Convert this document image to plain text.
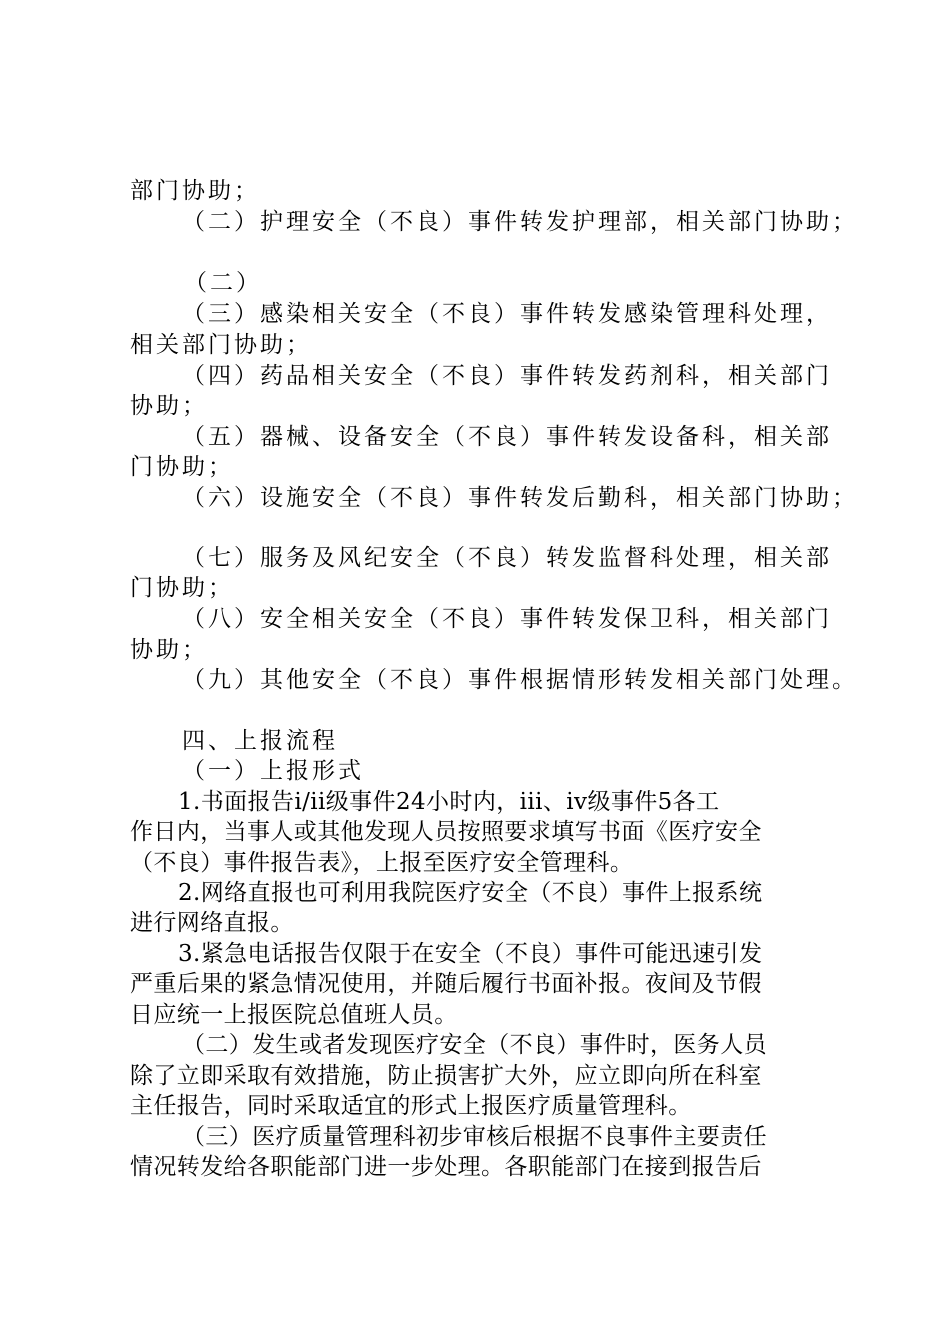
部门协助；
（二）护理安全（不良）事件转发护理部，相关部门协助；
（二）
（三）感染相关安全（不良）事件转发感染管理科处理，
相关部门协助；
（四）药品相关安全（不良）事件转发药剂科，相关部门
协助；
（五）器械、设备安全（不良）事件转发设备科，相关部
门协助；
（六）设施安全（不良）事件转发后勤科，相关部门协助；
（七）服务及风纪安全（不良）转发监督科处理，相关部
门协助；
（八）安全相关安全（不良）事件转发保卫科，相关部门
协助；
（九）其他安全（不良）事件根据情形转发相关部门处理。
四、上报流程
（一）上报形式
1.书面报告i/ii级事件24小时内，iii、iv级事件5各工
作日内，当事人或其他发现人员按照要求填写书面《医疗安全
（不良）事件报告表》，上报至医疗安全管理科。
2.网络直报也可利用我院医疗安全（不良）事件上报系统
进行网络直报。
3.紧急电话报告仅限于在安全（不良）事件可能迅速引发
严重后果的紧急情况使用，并随后履行书面补报。夜间及节假
日应统一上报医院总值班人员。
（二）发生或者发现医疗安全（不良）事件时，医务人员
除了立即采取有效措施，防止损害扩大外，应立即向所在科室
主任报告，同时采取适宜的形式上报医疗质量管理科。
（三）医疗质量管理科初步审核后根据不良事件主要责任
情况转发给各职能部门进一步处理。各职能部门在接到报告后
